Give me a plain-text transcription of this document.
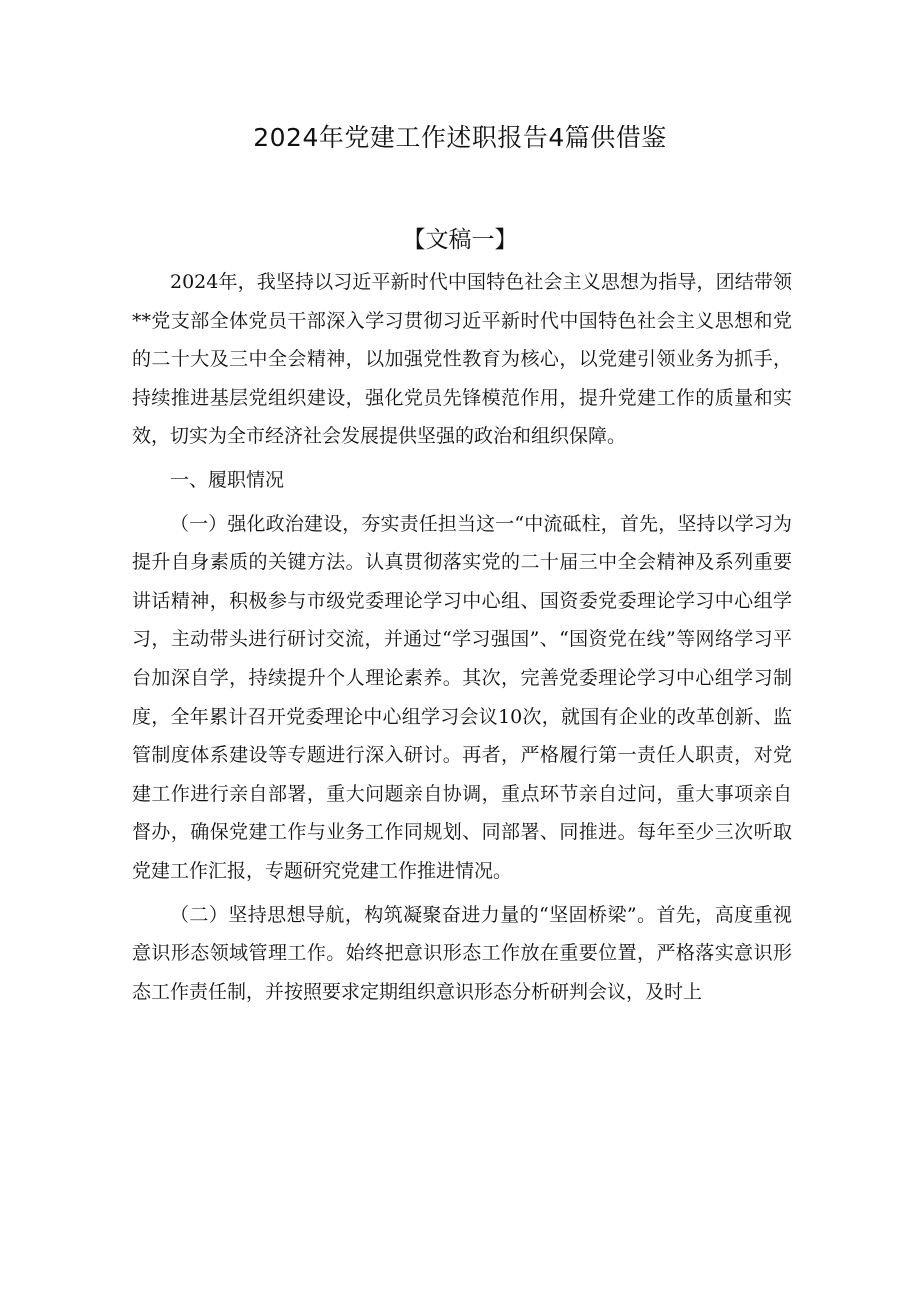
2024年党建工作述职报告4篇供借鉴
【文稿一】

2024年，我坚持以习近平新时代中国特色社会主义思想为指导，团结带领**党支部全体党员干部深入学习贯彻习近平新时代中国特色社会主义思想和党的二十大及三中全会精神，以加强党性教育为核心，以党建引领业务为抓手，持续推进基层党组织建设，强化党员先锋模范作用，提升党建工作的质量和实效，切实为全市经济社会发展提供坚强的政治和组织保障。

一、履职情况

（一）强化政治建设，夯实责任担当这一“中流砥柱，首先，坚持以学习为提升自身素质的关键方法。认真贯彻落实党的二十届三中全会精神及系列重要讲话精神，积极参与市级党委理论学习中心组、国资委党委理论学习中心组学习，主动带头进行研讨交流，并通过“学习强国”、“国资党在线”等网络学习平台加深自学，持续提升个人理论素养。其次，完善党委理论学习中心组学习制度，全年累计召开党委理论中心组学习会议10次，就国有企业的改革创新、监管制度体系建设等专题进行深入研讨。再者，严格履行第一责任人职责，对党建工作进行亲自部署，重大问题亲自协调，重点环节亲自过问，重大事项亲自督办，确保党建工作与业务工作同规划、同部署、同推进。每年至少三次听取党建工作汇报，专题研究党建工作推进情况。

（二）坚持思想导航，构筑凝聚奋进力量的“坚固桥梁”。首先，高度重视意识形态领域管理工作。始终把意识形态工作放在重要位置，严格落实意识形态工作责任制，并按照要求定期组织意识形态分析研判会议，及时上
